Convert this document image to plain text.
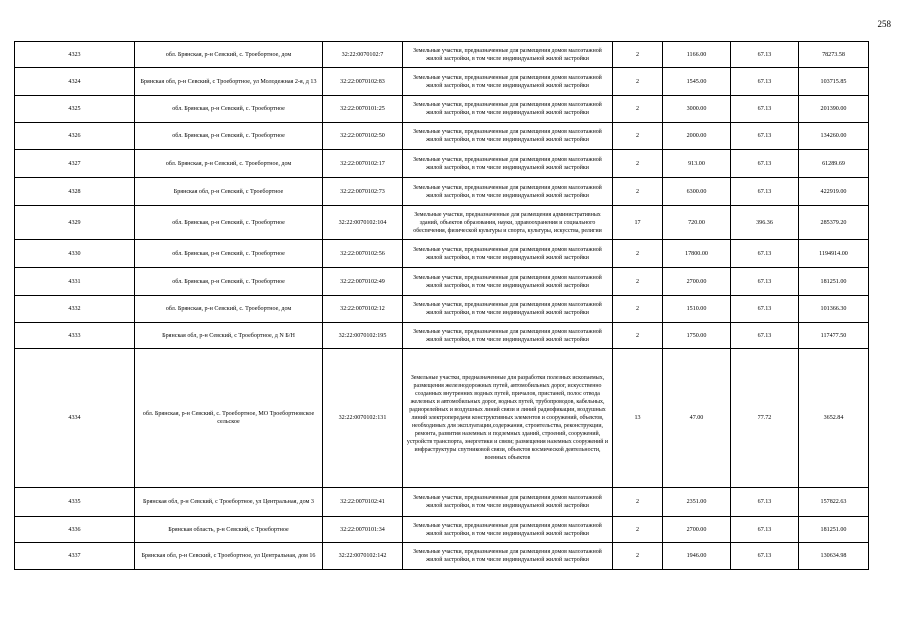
258
4323	обл. Брянская, р-н Севский, с. Троебортное, дом	32:22:0070102:7	Земельные участки, предназначенные для размещения домов малоэтажной жилой застройки, в том числе индивидуальной жилой застройки	2	1166.00	67.13	78273.58
4324	Брянская обл, р-н Севский, с Троебортное, ул Молодежная 2-я, д 13	32:22:0070102:83	Земельные участки, предназначенные для размещения домов малоэтажной жилой застройки, в том числе индивидуальной жилой застройки	2	1545.00	67.13	103715.85
4325	обл. Брянская, р-н Севский, с. Троебортное	32:22:0070101:25	Земельные участки, предназначенные для размещения домов малоэтажной жилой застройки, в том числе индивидуальной жилой застройки	2	3000.00	67.13	201390.00
4326	обл. Брянская, р-н Севский, с. Троебортное	32:22:0070102:50	Земельные участки, предназначенные для размещения домов малоэтажной жилой застройки, в том числе индивидуальной жилой застройки	2	2000.00	67.13	134260.00
4327	обл. Брянская, р-н Севский, с. Троебортное, дом	32:22:0070102:17	Земельные участки, предназначенные для размещения домов малоэтажной жилой застройки, в том числе индивидуальной жилой застройки	2	913.00	67.13	61289.69
4328	Брянская обл, р-н Севский, с Троебортное	32:22:0070102:73	Земельные участки, предназначенные для размещения домов малоэтажной жилой застройки, в том числе индивидуальной жилой застройки	2	6300.00	67.13	422919.00
4329	обл. Брянская, р-н Севский, с. Троебортное	32:22:0070102:104	Земельные участки, предназначенные для размещения административных зданий, объектов образования, науки, здравоохранения и социального обеспечения, физической культуры и спорта, культуры, искусства, религии	17	720.00	396.36	285379.20
4330	обл. Брянская, р-н Севский, с. Троебортное	32:22:0070102:56	Земельные участки, предназначенные для размещения домов малоэтажной жилой застройки, в том числе индивидуальной жилой застройки	2	17800.00	67.13	1194914.00
4331	обл. Брянская, р-н Севский, с. Троебортное	32:22:0070102:49	Земельные участки, предназначенные для размещения домов малоэтажной жилой застройки, в том числе индивидуальной жилой застройки	2	2700.00	67.13	181251.00
4332	обл. Брянская, р-н Севский, с. Троебортное, дом	32:22:0070102:12	Земельные участки, предназначенные для размещения домов малоэтажной жилой застройки, в том числе индивидуальной жилой застройки	2	1510.00	67.13	101366.30
4333	Брянская обл, р-н Севский, с Троебортное, д N Б/Н	32:22:0070102:195	Земельные участки, предназначенные для размещения домов малоэтажной жилой застройки, в том числе индивидуальной жилой застройки	2	1750.00	67.13	117477.50
4334	обл. Брянская, р-н Севский, с. Троебортное, МО Троебортновское сельское	32:22:0070102:131	Земельные участки, предназначенные для разработки полезных ископаемых, размещения железнодорожных путей, автомобильных дорог, искусственно созданных внутренних водных путей, причалов, пристаней, полос отвода железных и автомобильных дорог, водных путей, трубопроводов, кабельных, радиорелейных и воздушных линий связи и линий радиофикации, воздушных линий электропередачи конструктивных элементов и сооружений, объектов, необходимых для эксплуатации,содержания, строительства, реконструкции, ремонта, развития наземных и подземных зданий, строений, сооружений, устройств транспорта, энергетики и связи; размещения наземных сооружений и инфраструктуры спутниковой связи, объектов космической деятельности, военных объектов	13	47.00	77.72	3652.84
4335	Брянская обл, р-н Севский, с Троебортное, ул Центральная, дом 3	32:22:0070102:41	Земельные участки, предназначенные для размещения домов малоэтажной жилой застройки, в том числе индивидуальной жилой застройки	2	2351.00	67.13	157822.63
4336	Брянская область, р-н Севский, с Троебортное	32:22:0070101:34	Земельные участки, предназначенные для размещения домов малоэтажной жилой застройки, в том числе индивидуальной жилой застройки	2	2700.00	67.13	181251.00
4337	Брянская обл, р-н Севский, с Троебортное, ул Центральная, дом 16	32:22:0070102:142	Земельные участки, предназначенные для размещения домов малоэтажной жилой застройки, в том числе индивидуальной жилой застройки	2	1946.00	67.13	130634.98
